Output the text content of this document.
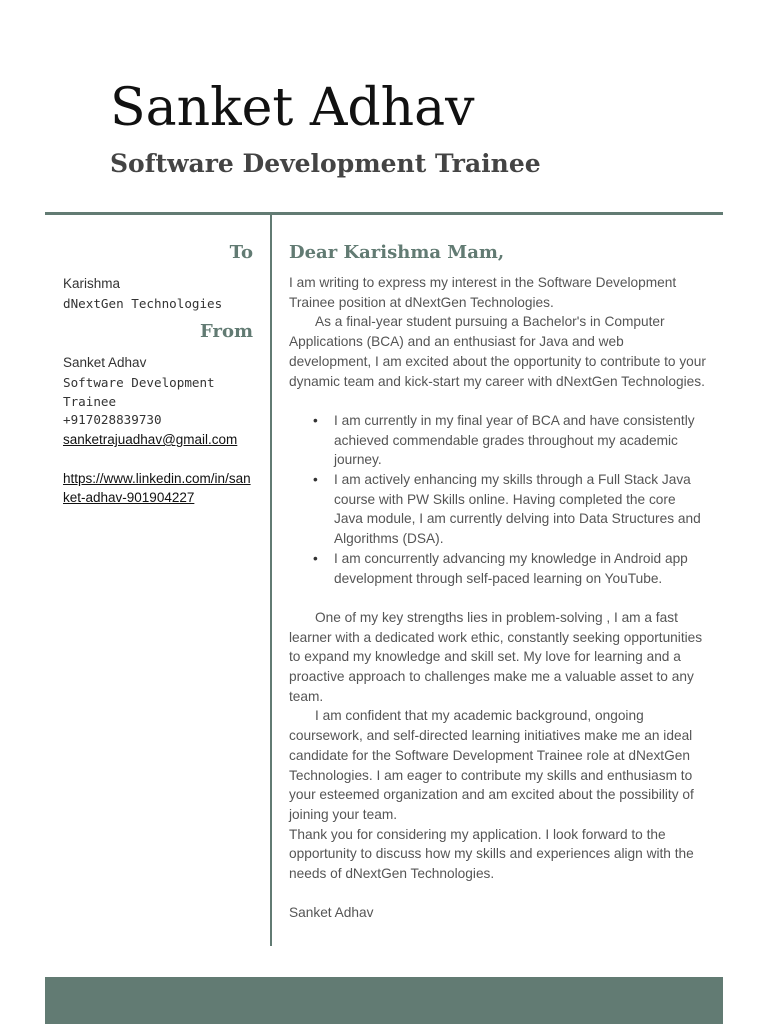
Sanket Adhav
Software Development Trainee
To
Karishma
dNextGen Technologies
From
Sanket Adhav
Software Development Trainee
+917028839730
sanketrajuadhav@gmail.com
https://www.linkedin.com/in/sanket-adhav-901904227
Dear Karishma Mam,

I am writing to express my interest in the Software Development Trainee position at dNextGen Technologies.

As a final-year student pursuing a Bachelor's in Computer Applications (BCA) and an enthusiast for Java and web development, I am excited about the opportunity to contribute to your dynamic team and kick-start my career with dNextGen Technologies.

• I am currently in my final year of BCA and have consistently achieved commendable grades throughout my academic journey.
• I am actively enhancing my skills through a Full Stack Java course with PW Skills online. Having completed the core Java module, I am currently delving into Data Structures and Algorithms (DSA).
• I am concurrently advancing my knowledge in Android app development through self-paced learning on YouTube.

One of my key strengths lies in problem-solving , I am a fast learner with a dedicated work ethic, constantly seeking opportunities to expand my knowledge and skill set. My love for learning and a proactive approach to challenges make me a valuable asset to any team.

I am confident that my academic background, ongoing coursework, and self-directed learning initiatives make me an ideal candidate for the Software Development Trainee role at dNextGen Technologies. I am eager to contribute my skills and enthusiasm to your esteemed organization and am excited about the possibility of joining your team.

Thank you for considering my application. I look forward to the opportunity to discuss how my skills and experiences align with the needs of dNextGen Technologies.

Sanket Adhav
